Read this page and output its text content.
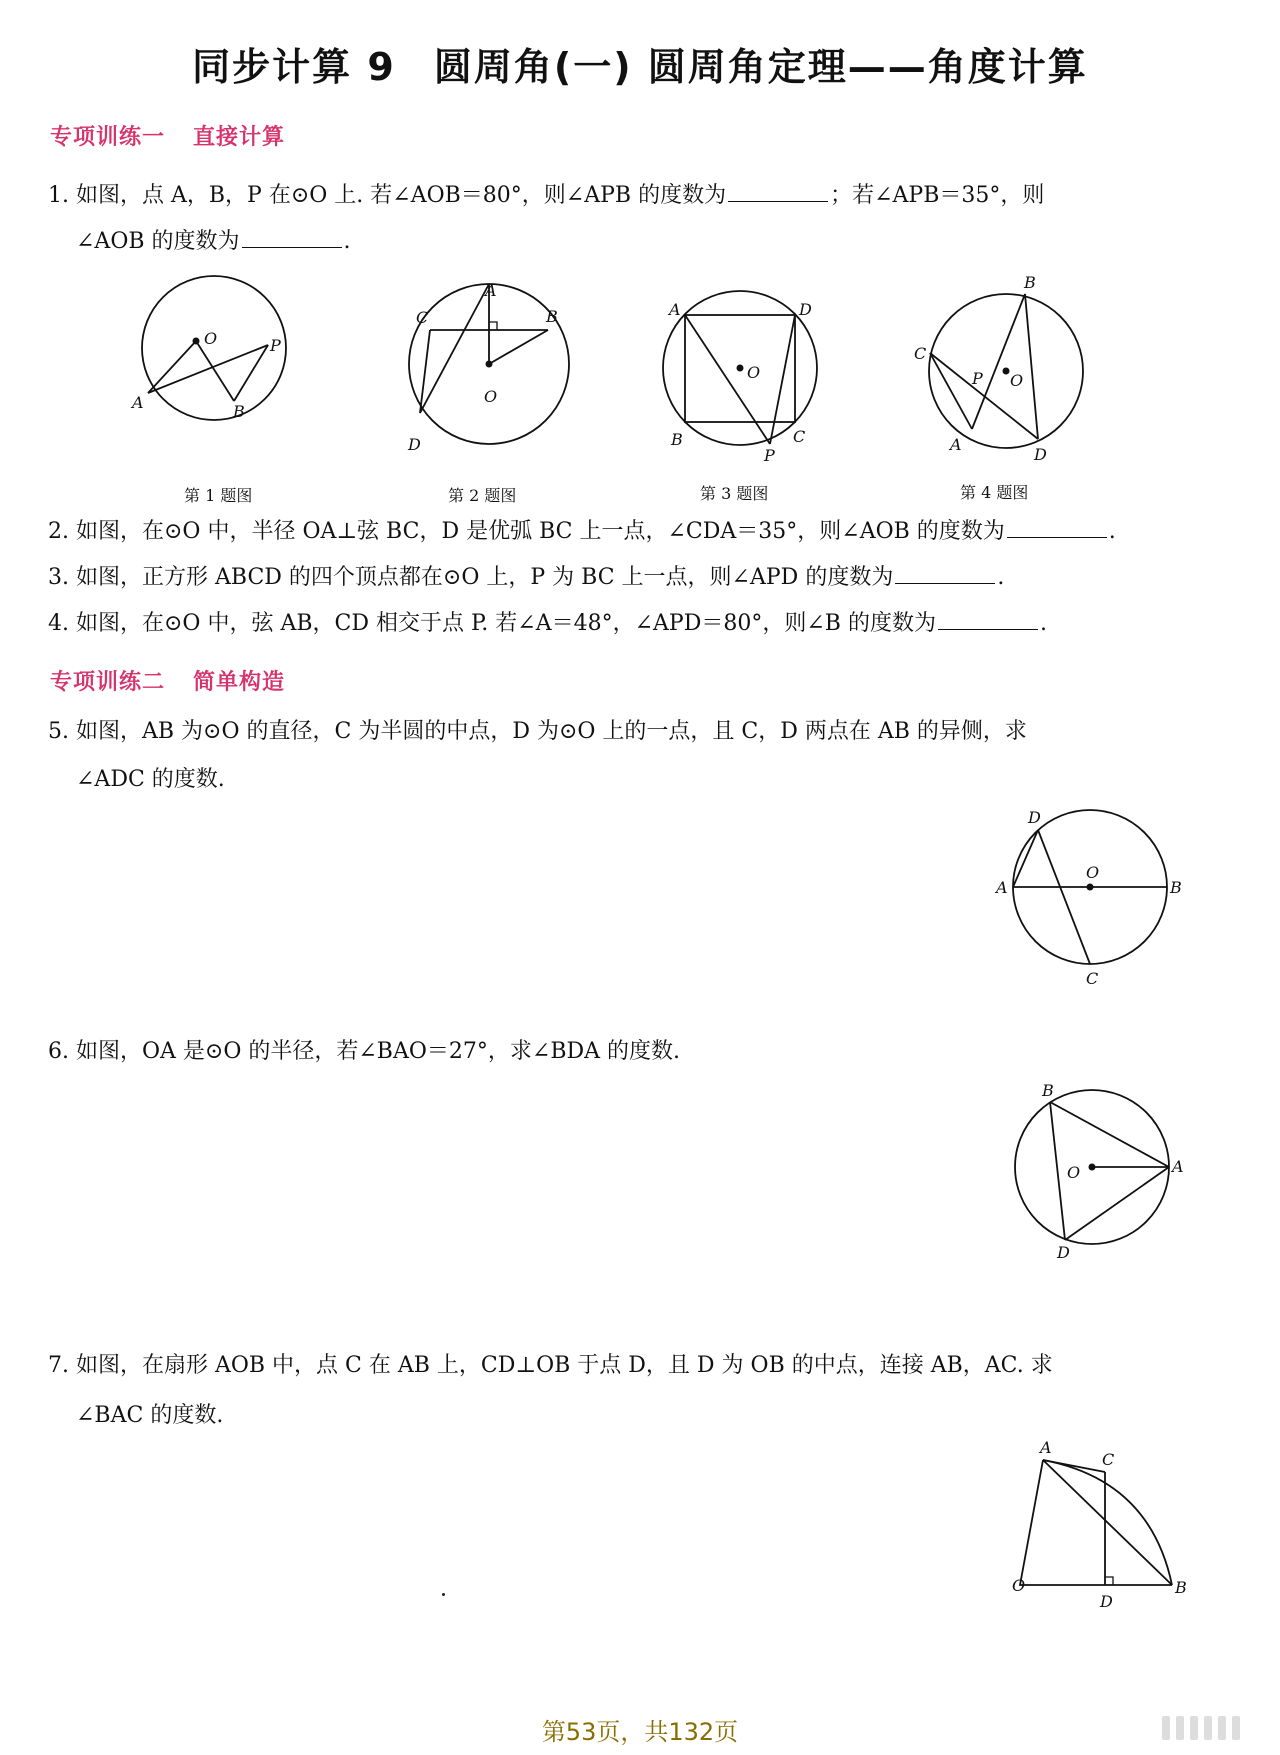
同步计算 9 圆周角(一) 圆周角定理——角度计算
专项训练一 直接计算
1. 如图，点 A，B，P 在⊙O 上. 若∠AOB＝80°，则∠APB 的度数为	；若∠APB＝35°，则
∠AOB 的度数为	.
O
A	B
P
第 1 题图
A
B
C
D
O
第 2 题图
A	D
O
B	C
P
第 3 题图
B
C
P O
A
D
第 4 题图
2. 如图，在⊙O 中，半径 OA⊥弦 BC，D 是优弧 BC 上一点，∠CDA＝35°，则∠AOB 的度数为	.
3. 如图，正方形 ABCD 的四个顶点都在⊙O 上，P 为 BC 上一点，则∠APD 的度数为	.
4. 如图，在⊙O 中，弦 AB，CD 相交于点 P. 若∠A＝48°，∠APD＝80°，则∠B 的度数为	.
专项训练二 简单构造
5. 如图，AB 为⊙O 的直径，C 为半圆的中点，D 为⊙O 上的一点，且 C，D 两点在 AB 的异侧，求
∠ADC 的度数.
D
A
O
B
C
6. 如图，OA 是⊙O 的半径，若∠BAO＝27°，求∠BDA 的度数.
B
O	A
D
7. 如图，在扇形 AOB 中，点 C 在 AB 上，CD⊥OB 于点 D，且 D 为 OB 的中点，连接 AB，AC. 求
∠BAC 的度数.
A
C
O
D
B
第53页，共132页
